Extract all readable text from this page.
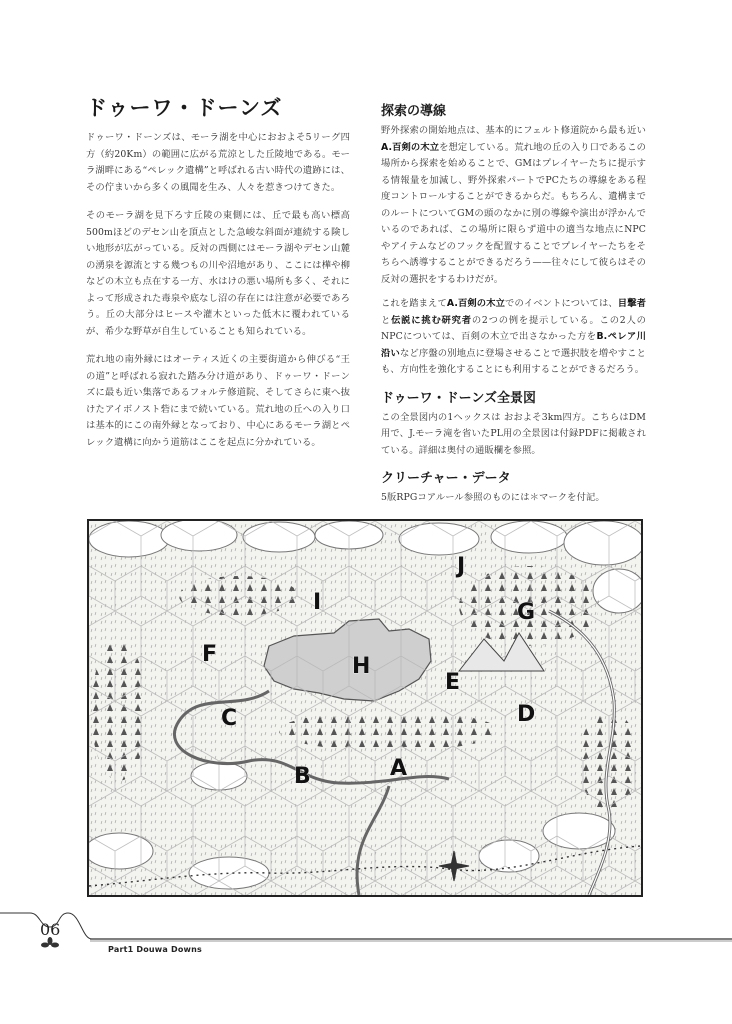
ドゥーワ・ドーンズ

ドゥーワ・ドーンズは、モーラ湖を中心におおよそ5リーグ四方（約20Km）の範囲に広がる荒涼とした丘陵地である。モーラ湖畔にある“ペレック遺構”と呼ばれる古い時代の遺跡には、その佇まいから多くの風聞を生み、人々を惹きつけてきた。

そのモーラ湖を見下ろす丘陵の東側には、丘で最も高い標高500mほどのデセン山を頂点とした急峻な斜面が連続する険しい地形が広がっている。反対の西側にはモーラ湖やデセン山麓の湧泉を源流とする幾つもの川や沼地があり、ここには樺や柳などの木立も点在する一方、水はけの悪い場所も多く、それによって形成された毒泉や底なし沼の存在には注意が必要であろう。丘の大部分はヒースや灌木といった低木に覆われているが、希少な野草が自生していることも知られている。

荒れ地の南外縁にはオーティス近くの主要街道から伸びる“王の道”と呼ばれる寂れた踏み分け道があり、ドゥーワ・ドーンズに最も近い集落であるフォルテ修道院、そしてさらに東へ抜けたアイボノスト砦にまで続いている。荒れ地の丘への入り口は基本的にこの南外縁となっており、中心にあるモーラ湖とペレック遺構に向かう道筋はここを起点に分かれている。

探索の導線

野外探索の開始地点は、基本的にフェルト修道院から最も近いA.百剣の木立を想定している。荒れ地の丘の入り口であるこの場所から探索を始めることで、GMはプレイヤーたちに提示する情報量を加減し、野外探索パートでPCたちの導線をある程度コントロールすることができるからだ。もちろん、遺構までのルートについてGMの頭のなかに別の導線や演出が浮かんでいるのであれば、この場所に限らず道中の適当な地点にNPCやアイテムなどのフックを配置することでプレイヤーたちをそちらへ誘導することができるだろう——往々にして彼らはその反対の選択をするわけだが。

これを踏まえてA.百剣の木立でのイベントについては、目撃者と伝説に挑む研究者の2つの例を提示している。この2人のNPCについては、百剣の木立で出さなかった方をB.ペレア川沿いなど序盤の別地点に登場させることで選択肢を増やすことも、方向性を強化することにも利用することができるだろう。

ドゥーワ・ドーンズ全景図

この全景図内の1ヘックスは おおよそ3km四方。こちらはDM用で、J.モーラ滝を省いたPL用の全景図は付録PDFに掲載されている。詳細は奥付の通販欄を参照。

クリーチャー・データ

5版RPGコアルール参照のものには＊マークを付記。

A
B
C	D
E
F
G
H
I
J
06
Part1 Douwa Downs
